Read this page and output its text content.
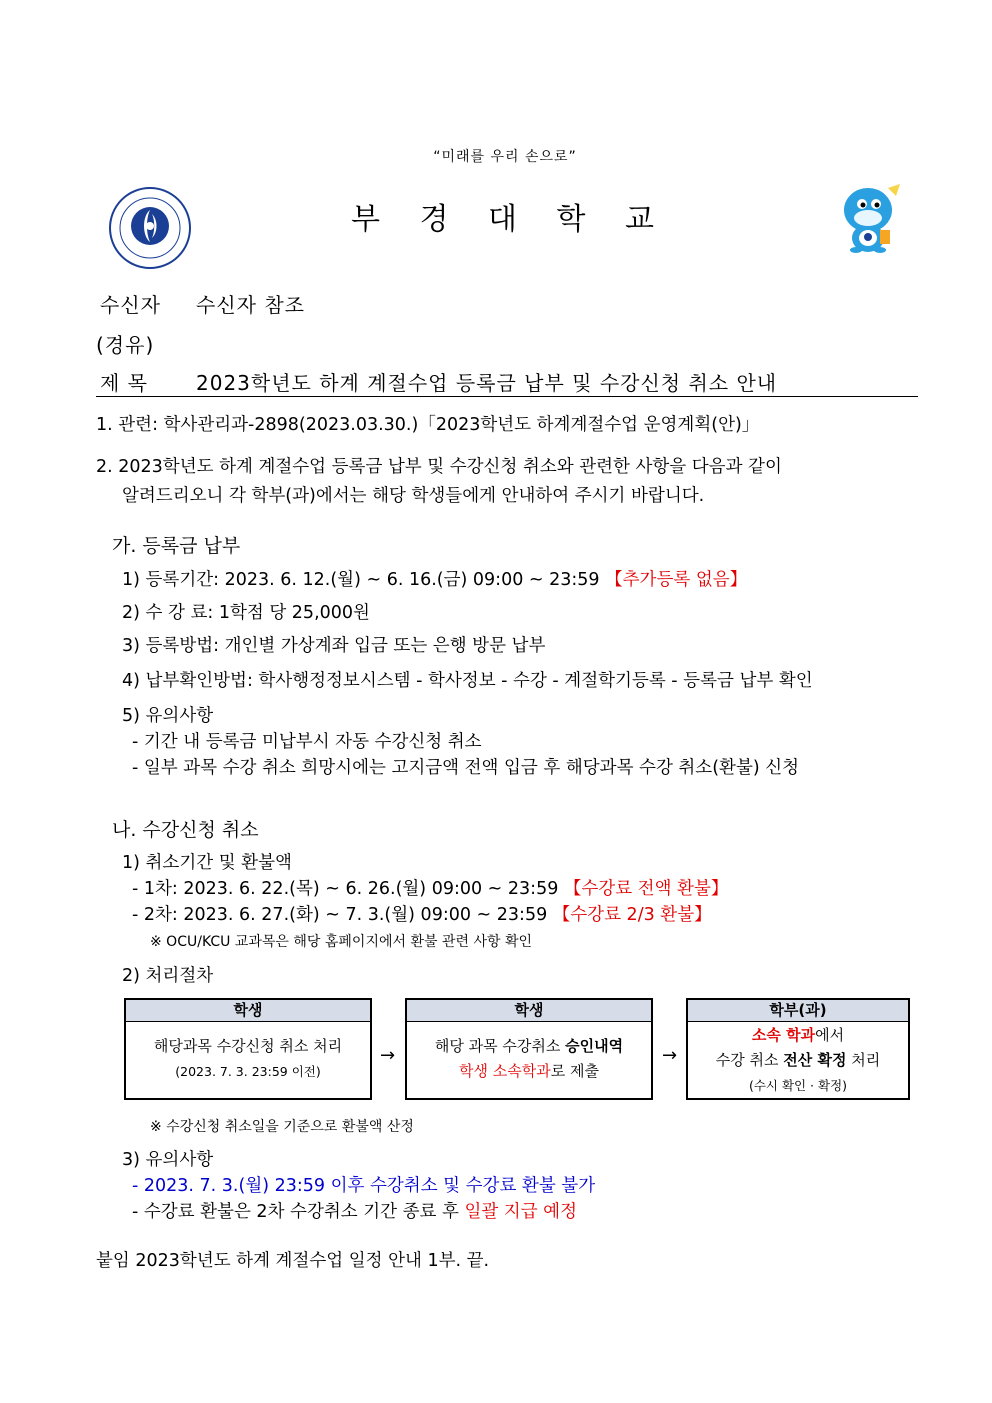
“미래를 우리 손으로”
부 경 대 학 교
수신자 수신자 참조
(경유)
제 목 2023학년도 하계 계절수업 등록금 납부 및 수강신청 취소 안내
1. 관련: 학사관리과-2898(2023.03.30.)「2023학년도 하계계절수업 운영계획(안)」
2. 2023학년도 하계 계절수업 등록금 납부 및 수강신청 취소와 관련한 사항을 다음과 같이
알려드리오니 각 학부(과)에서는 해당 학생들에게 안내하여 주시기 바랍니다.
가. 등록금 납부
1) 등록기간: 2023. 6. 12.(월) ~ 6. 16.(금) 09:00 ~ 23:59 【추가등록 없음】
2) 수 강 료: 1학점 당 25,000원
3) 등록방법: 개인별 가상계좌 입금 또는 은행 방문 납부
4) 납부확인방법: 학사행정정보시스템 - 학사정보 - 수강 - 계절학기등록 - 등록금 납부 확인
5) 유의사항
- 기간 내 등록금 미납부시 자동 수강신청 취소
- 일부 과목 수강 취소 희망시에는 고지금액 전액 입금 후 해당과목 수강 취소(환불) 신청
나. 수강신청 취소
1) 취소기간 및 환불액
- 1차: 2023. 6. 22.(목) ~ 6. 26.(월) 09:00 ~ 23:59 【수강료 전액 환불】
- 2차: 2023. 6. 27.(화) ~ 7. 3.(월) 09:00 ~ 23:59 【수강료 2/3 환불】
※ OCU/KCU 교과목은 해당 홈페이지에서 환불 관련 사항 확인
2) 처리절차
학생
해당과목 수강신청 취소 처리
(2023. 7. 3. 23:59 이전)
→
학생
해당 과목 수강취소 승인내역
학생 소속학과로 제출
→
학부(과)
소속 학과에서
수강 취소 전산 확정 처리
(수시 확인 · 확정)
※ 수강신청 취소일을 기준으로 환불액 산정
3) 유의사항
- 2023. 7. 3.(월) 23:59 이후 수강취소 및 수강료 환불 불가
- 수강료 환불은 2차 수강취소 기간 종료 후 일괄 지급 예정
붙임 2023학년도 하계 계절수업 일정 안내 1부. 끝.
